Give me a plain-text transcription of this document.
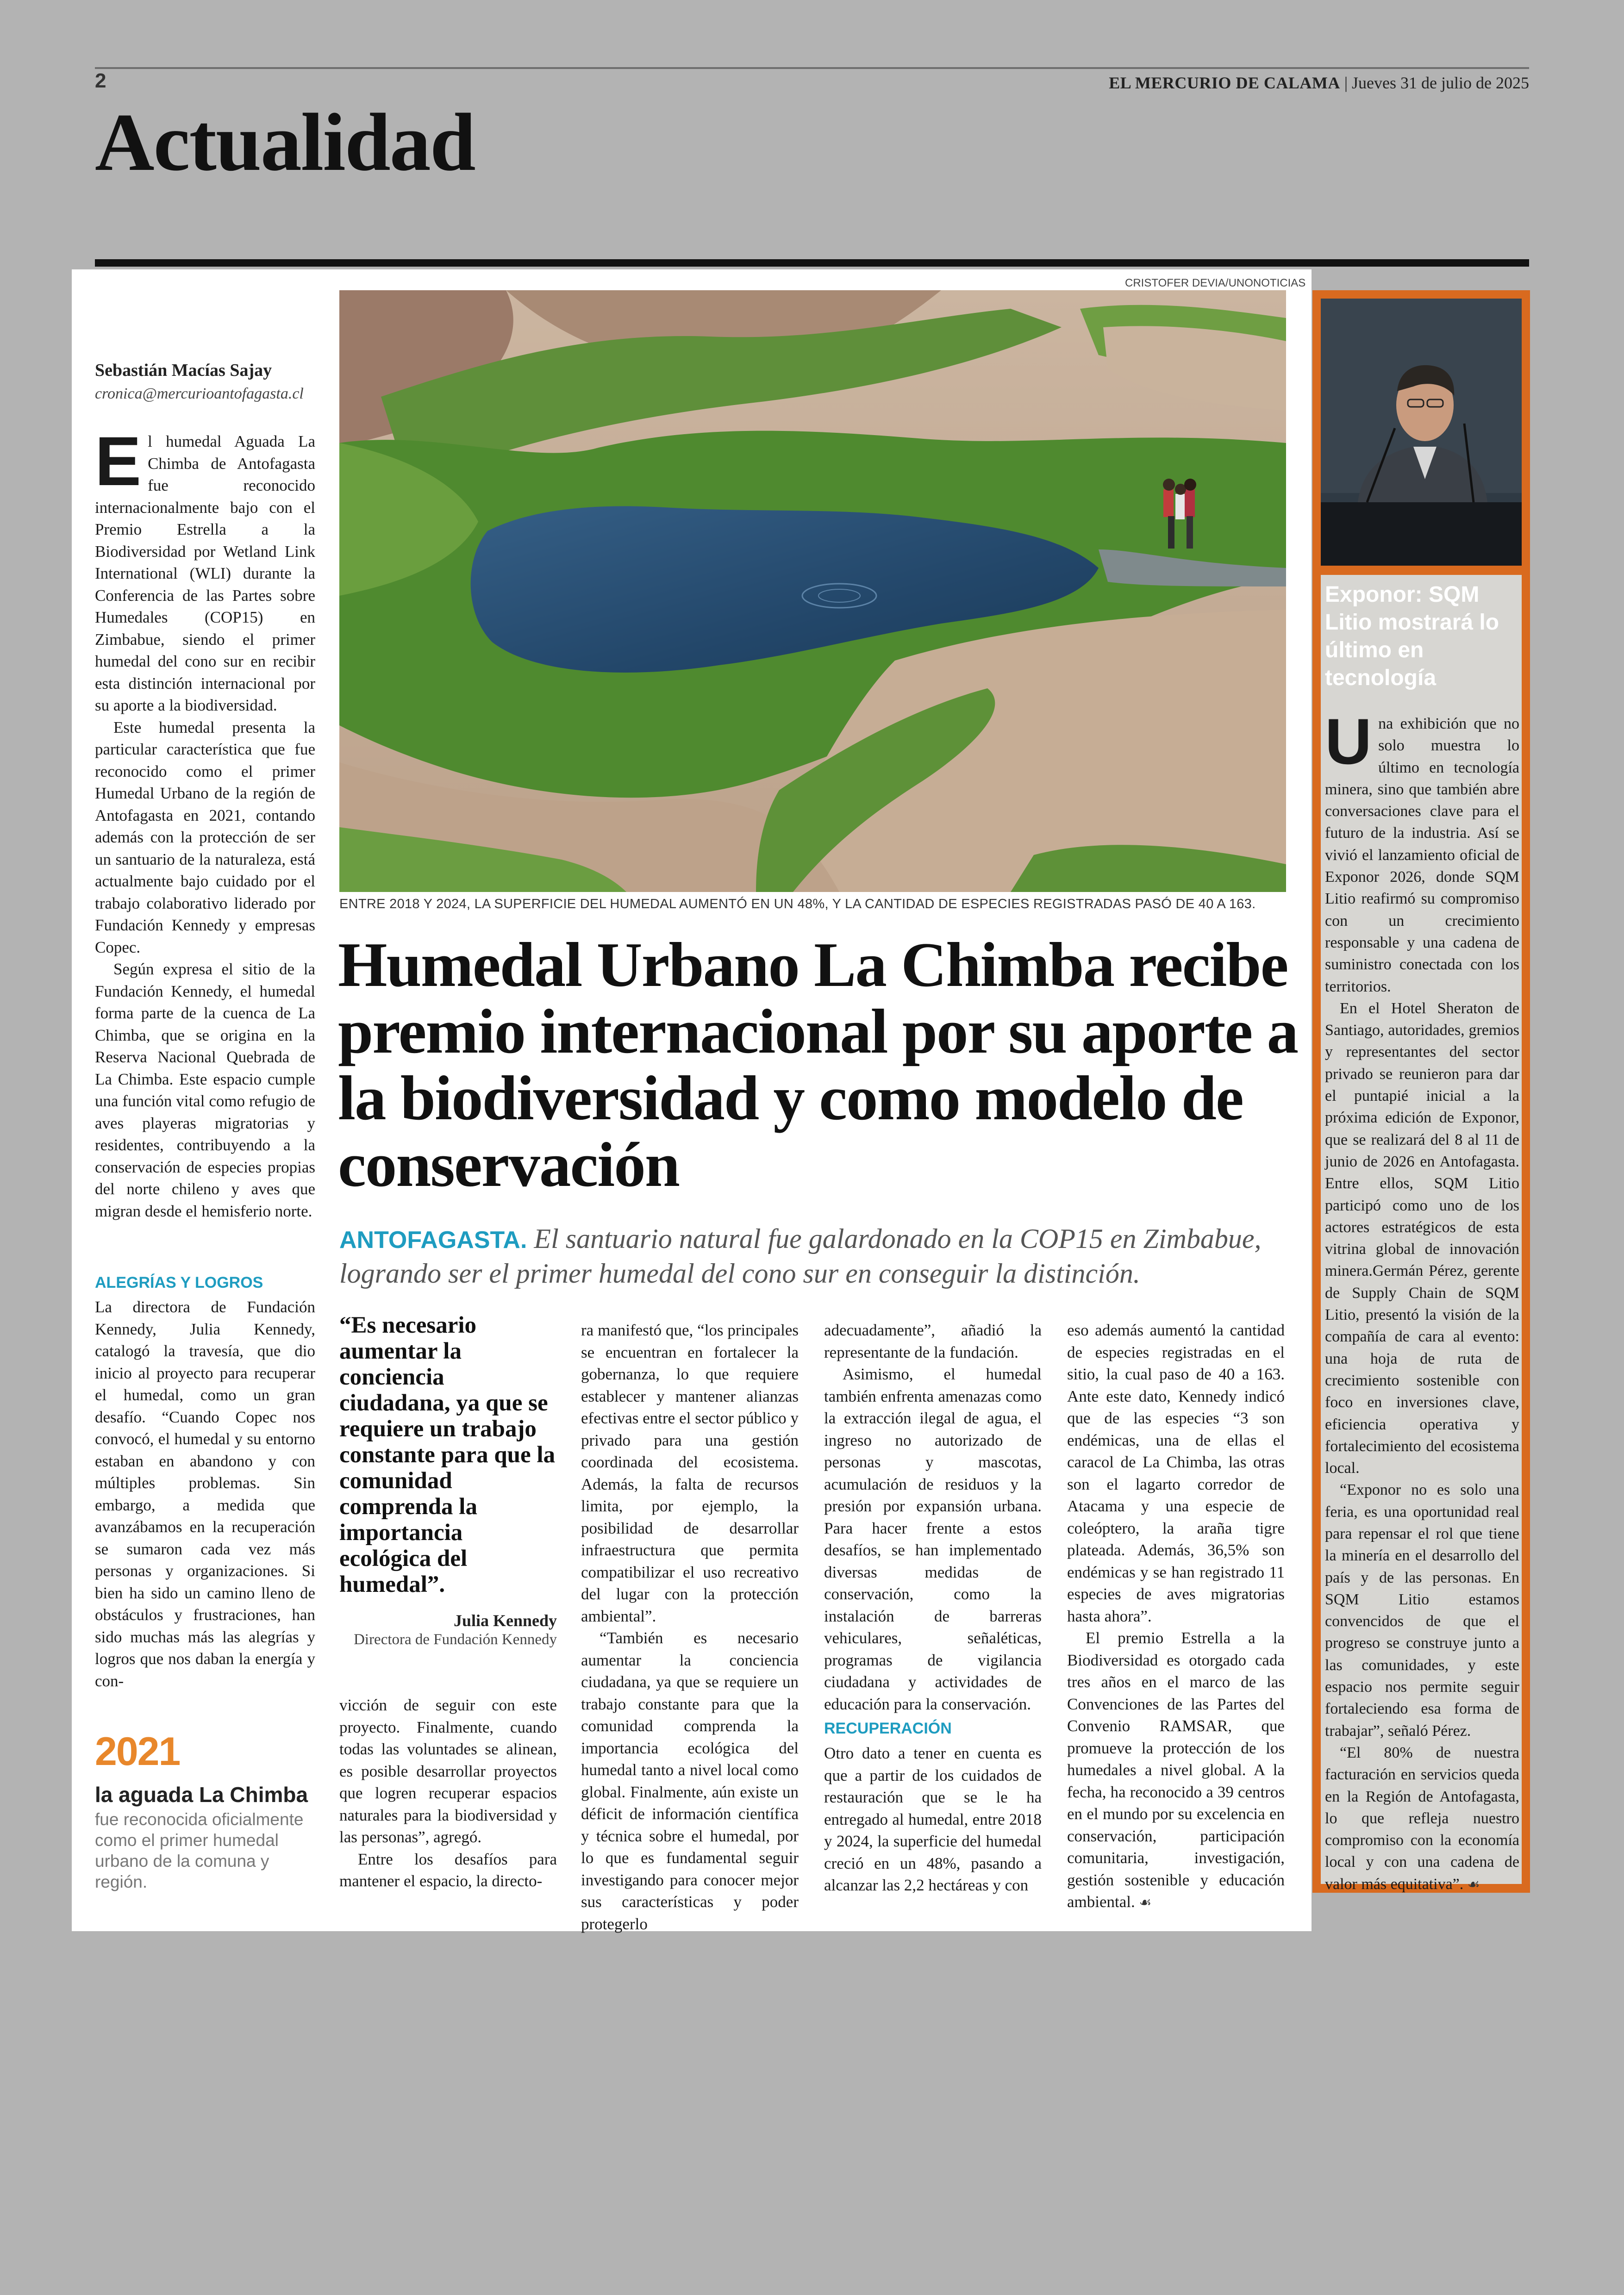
2	EL MERCURIO DE CALAMA | Jueves 31 de julio de 2025
Actualidad
Sebastián Macías Sajay
cronica@mercurioantofagasta.cl

El humedal Aguada La Chimba de Antofagasta fue reconocido internacionalmente bajo con el Premio Estrella a la Biodiversidad por Wetland Link International (WLI) durante la Conferencia de las Partes sobre Humedales (COP15) en Zimbabue, siendo el primer humedal del cono sur en recibir esta distinción internacional por su aporte a la biodiversidad.

Este humedal presenta la particular característica que fue reconocido como el primer Humedal Urbano de la región de Antofagasta en 2021, contando además con la protección de ser un santuario de la naturaleza, está actualmente bajo cuidado por el trabajo colaborativo liderado por Fundación Kennedy y empresas Copec.

Según expresa el sitio de la Fundación Kennedy, el humedal forma parte de la cuenca de La Chimba, que se origina en la Reserva Nacional Quebrada de La Chimba. Este espacio cumple una función vital como refugio de aves playeras migratorias y residentes, contribuyendo a la conservación de especies propias del norte chileno y aves que migran desde el hemisferio norte.

ALEGRÍAS Y LOGROS

La directora de Fundación Kennedy, Julia Kennedy, catalogó la travesía, que dio inicio al proyecto para recuperar el humedal, como un gran desafío. “Cuando Copec nos convocó, el humedal y su entorno estaban en abandono y con múltiples problemas. Sin embargo, a medida que avanzábamos en la recuperación se sumaron cada vez más personas y organizaciones. Si bien ha sido un camino lleno de obstáculos y frustraciones, han sido muchas más las alegrías y logros que nos daban la energía y con-

2021
la aguada La Chimba
fue reconocida oficialmente como el primer humedal urbano de la comuna y región.
CRISTOFER DEVIA/UNONOTICIAS
ENTRE 2018 Y 2024, LA SUPERFICIE DEL HUMEDAL AUMENTÓ EN UN 48%, Y LA CANTIDAD DE ESPECIES REGISTRADAS PASÓ DE 40 A 163.
Humedal Urbano La Chimba recibe premio internacional por su aporte a la biodiversidad y como modelo de conservación
ANTOFAGASTA. El santuario natural fue galardonado en la COP15 en Zimbabue, logrando ser el primer humedal del cono sur en conseguir la distinción.
“Es necesario aumentar la conciencia ciudadana, ya que se requiere un trabajo constante para que la comunidad comprenda la importancia ecológica del humedal”.
Julia Kennedy
Directora de Fundación Kennedy

vicción de seguir con este proyecto. Finalmente, cuando todas las voluntades se alinean, es posible desarrollar proyectos que logren recuperar espacios naturales para la biodiversidad y las personas”, agregó.

Entre los desafíos para mantener el espacio, la directo-

ra manifestó que, “los principales se encuentran en fortalecer la gobernanza, lo que requiere establecer y mantener alianzas efectivas entre el sector público y privado para una gestión coordinada del ecosistema. Además, la falta de recursos limita, por ejemplo, la posibilidad de desarrollar infraestructura que permita compatibilizar el uso recreativo del lugar con la protección ambiental”.

“También es necesario aumentar la conciencia ciudadana, ya que se requiere un trabajo constante para que la comunidad comprenda la importancia ecológica del humedal tanto a nivel local como global. Finalmente, aún existe un déficit de información científica y técnica sobre el humedal, por lo que es fundamental seguir investigando para conocer mejor sus características y poder protegerlo

adecuadamente”, añadió la representante de la fundación.

Asimismo, el humedal también enfrenta amenazas como la extracción ilegal de agua, el ingreso no autorizado de personas y mascotas, acumulación de residuos y la presión por expansión urbana. Para hacer frente a estos desafíos, se han implementado diversas medidas de conservación, como la instalación de barreras vehiculares, señaléticas, programas de vigilancia ciudadana y actividades de educación para la conservación.

RECUPERACIÓN

Otro dato a tener en cuenta es que a partir de los cuidados de restauración que se le ha entregado al humedal, entre 2018 y 2024, la superficie del humedal creció en un 48%, pasando a alcanzar las 2,2 hectáreas y con

eso además aumentó la cantidad de especies registradas en el sitio, la cual paso de 40 a 163. Ante este dato, Kennedy indicó que de las especies “3 son endémicas, una de ellas el caracol de La Chimba, las otras son el lagarto corredor de Atacama y una especie de coleóptero, la araña tigre plateada. Además, 36,5% son endémicas y se han registrado 11 especies de aves migratorias hasta ahora”.

El premio Estrella a la Biodiversidad es otorgado cada tres años en el marco de las Convenciones de las Partes del Convenio RAMSAR, que promueve la protección de los humedales a nivel global. A la fecha, ha reconocido a 39 centros en el mundo por su excelencia en conservación, participación comunitaria, investigación, gestión sostenible y educación ambiental. ☙

Exponor: SQM Litio mostrará lo último en tecnología

Una exhibición que no solo muestra lo último en tecnología minera, sino que también abre conversaciones clave para el futuro de la industria. Así se vivió el lanzamiento oficial de Exponor 2026, donde SQM Litio reafirmó su compromiso con un crecimiento responsable y una cadena de suministro conectada con los territorios.

En el Hotel Sheraton de Santiago, autoridades, gremios y representantes del sector privado se reunieron para dar el puntapié inicial a la próxima edición de Exponor, que se realizará del 8 al 11 de junio de 2026 en Antofagasta. Entre ellos, SQM Litio participó como uno de los actores estratégicos de esta vitrina global de innovación minera.Germán Pérez, gerente de Supply Chain de SQM Litio, presentó la visión de la compañía de cara al evento: una hoja de ruta de crecimiento sostenible con foco en inversiones clave, eficiencia operativa y fortalecimiento del ecosistema local.

“Exponor no es solo una feria, es una oportunidad real para repensar el rol que tiene la minería en el desarrollo del país y de las personas. En SQM Litio estamos convencidos de que el progreso se construye junto a las comunidades, y este espacio nos permite seguir fortaleciendo esa forma de trabajar”, señaló Pérez.

“El 80% de nuestra facturación en servicios queda en la Región de Antofagasta, lo que refleja nuestro compromiso con la economía local y con una cadena de valor más equitativa”. ☙
